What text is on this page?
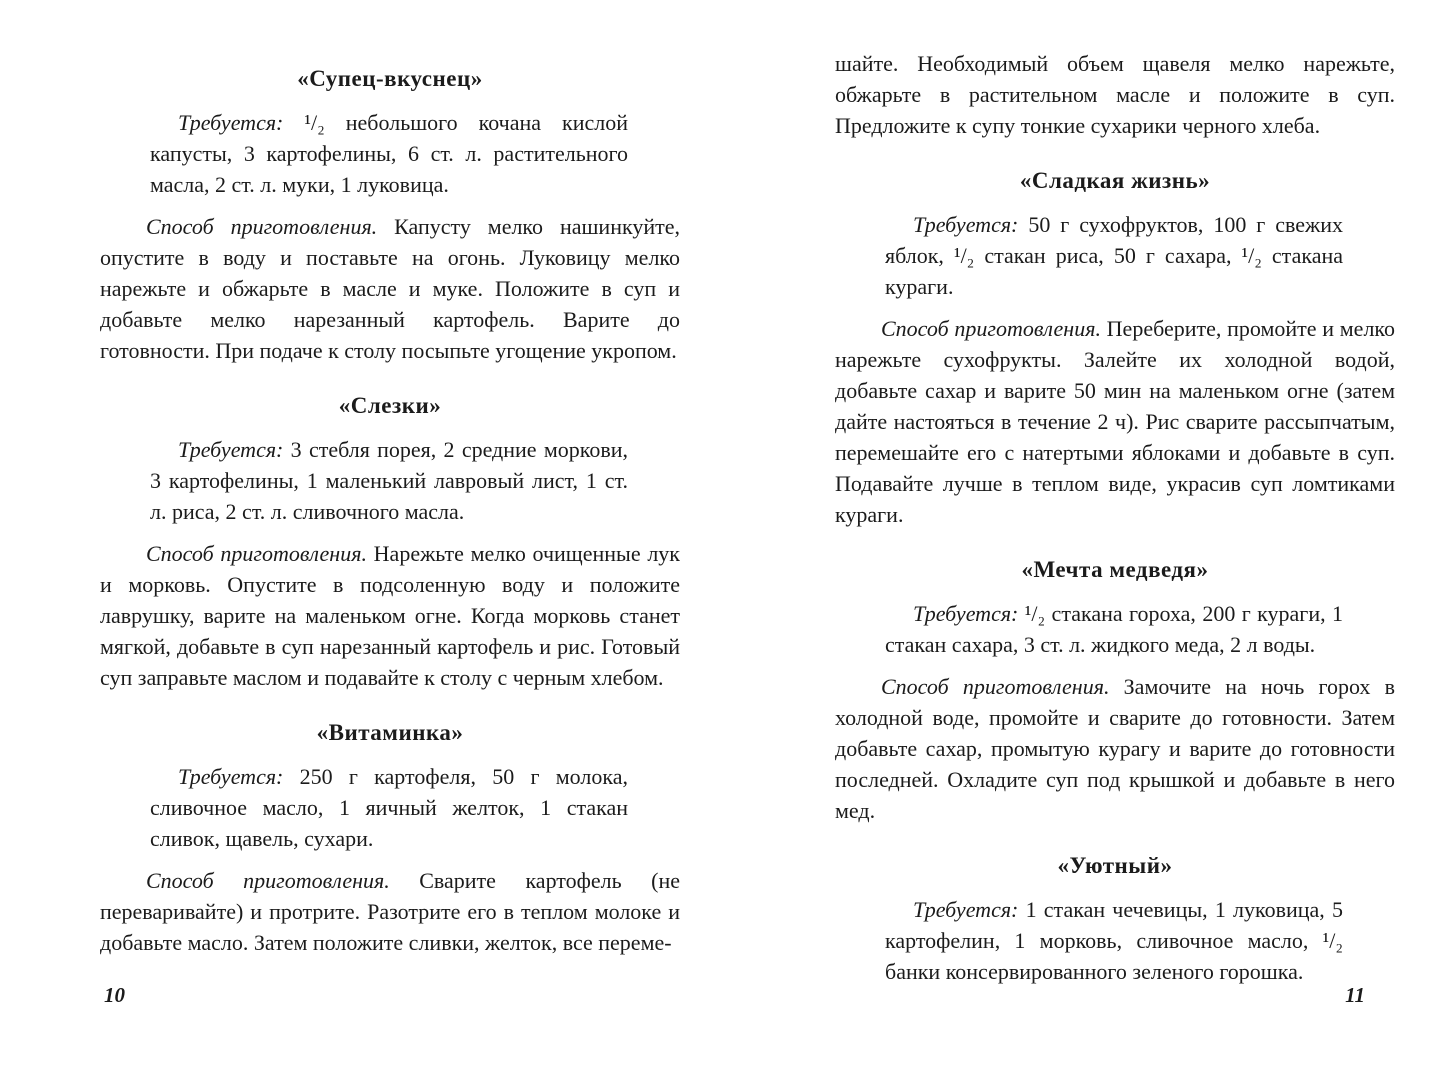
«Супец-вкуснец»

Требуется: ¹/₂ небольшого кочана кислой капусты, 3 картофелины, 6 ст. л. растительного масла, 2 ст. л. муки, 1 луковица.

Способ приготовления. Капусту мелко нашинкуйте, опустите в воду и поставьте на огонь. Луковицу мелко нарежьте и обжарьте в масле и муке. Положите в суп и добавьте мелко нарезанный картофель. Варите до готовности. При подаче к столу посыпьте угощение укропом.

«Слезки»

Требуется: 3 стебля порея, 2 средние моркови, 3 картофелины, 1 маленький лавровый лист, 1 ст. л. риса, 2 ст. л. сливочного масла.

Способ приготовления. Нарежьте мелко очищенные лук и морковь. Опустите в подсоленную воду и положите лаврушку, варите на маленьком огне. Когда морковь станет мягкой, добавьте в суп нарезанный картофель и рис. Готовый суп заправьте маслом и подавайте к столу с черным хлебом.

«Витаминка»

Требуется: 250 г картофеля, 50 г молока, сливочное масло, 1 яичный желток, 1 стакан сливок, щавель, сухари.

Способ приготовления. Сварите картофель (не переваривайте) и протрите. Разотрите его в теплом молоке и добавьте масло. Затем положите сливки, желток, все переме-

10

шайте. Необходимый объем щавеля мелко нарежьте, обжарьте в растительном масле и положите в суп. Предложите к супу тонкие сухарики черного хлеба.

«Сладкая жизнь»

Требуется: 50 г сухофруктов, 100 г свежих яблок, ¹/₂ стакан риса, 50 г сахара, ¹/₂ стакана кураги.

Способ приготовления. Переберите, промойте и мелко нарежьте сухофрукты. Залейте их холодной водой, добавьте сахар и варите 50 мин на маленьком огне (затем дайте настояться в течение 2 ч). Рис сварите рассыпчатым, перемешайте его с натертыми яблоками и добавьте в суп. Подавайте лучше в теплом виде, украсив суп ломтиками кураги.

«Мечта медведя»

Требуется: ¹/₂ стакана гороха, 200 г кураги, 1 стакан сахара, 3 ст. л. жидкого меда, 2 л воды.

Способ приготовления. Замочите на ночь горох в холодной воде, промойте и сварите до готовности. Затем добавьте сахар, промытую курагу и варите до готовности последней. Охладите суп под крышкой и добавьте в него мед.

«Уютный»

Требуется: 1 стакан чечевицы, 1 луковица, 5 картофелин, 1 морковь, сливочное масло, ¹/₂ банки консервированного зеленого горошка.

11
